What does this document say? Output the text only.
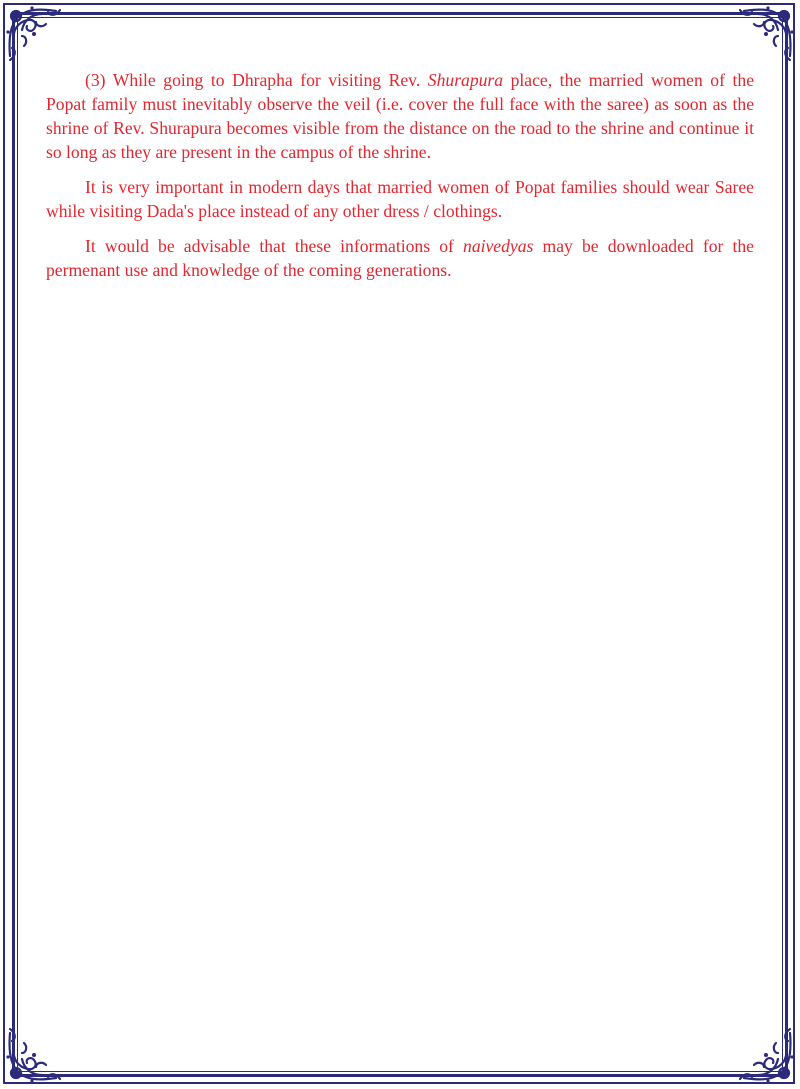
(3) While going to Dhrapha for visiting Rev. Shurapura place, the married women of the Popat family must inevitably observe the veil (i.e. cover the full face with the saree) as soon as the shrine of Rev. Shurapura becomes visible from the distance on the road to the shrine and continue it so long as they are present in the campus of the shrine.

It is very important in modern days that married women of Popat families should wear Saree while visiting Dada's place instead of any other dress / clothings.

It would be advisable that these informations of naivedyas may be downloaded for the permenant use and knowledge of the coming generations.
